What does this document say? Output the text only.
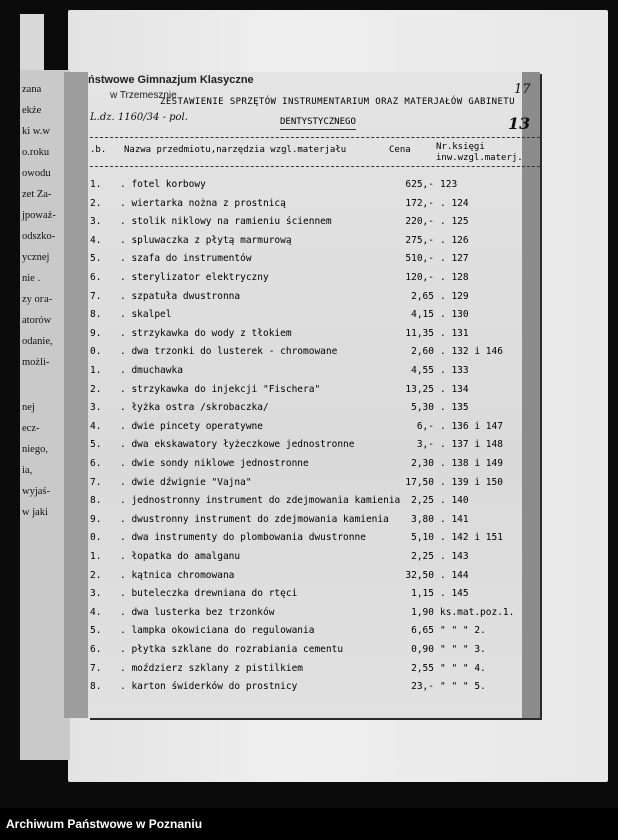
zana
ekże
ki w.w
o.roku
owodu
zet Za-
jpoważ-
odszko-
ycznej
nie .
zy ога-
atorów
odanie,
możli-
nej
ecz-
niego,
ia,
wyjaś-
w jaki
ństwowe Gimnazjum Klasyczne
w Trzemesznie
L.dz. 1160/34 - pol.
17
13
ZESTAWIENIE SPRZĘTÓW INSTRUMENTARIUM ORAZ MATERJAŁÓW GABINETU
DENTYSTYCZNEGO
.b. Nazwa przedmiotu,narzędzia wzgl.materjału	Cena	Nr.księgi
inw.wzgl.materj.
1. . fotel korbowy	625,- 123
2. . wiertarka nożna z prostnicą	172,- . 124
3. . stolik niklowy na ramieniu ściennem	220,- . 125
4. . spluwaczka z płytą marmurową	275,- . 126
5. . szafa do instrumentów	510,- . 127
6. . sterylizator elektryczny	120,- . 128
7. . szpatuła dwustronna	2,65 . 129
8. . skalpel	4,15 . 130
9. . strzykawka do wody z tłokiem	11,35 . 131
0. . dwa trzonki do lusterek - chromowane	2,60 . 132 i 146
1. . dmuchawka	4,55 . 133
2. . strzykawka do injekcji "Fischera"	13,25 . 134
3. . łyżka ostra /skrobaczka/	5,30 . 135
4. . dwie pincety operatywne	6,- . 136 i 147
5. . dwa ekskawatory łyżeczkowe jednostronne	3,- . 137 i 148
6. . dwie sondy niklowe jednostronne	2,30 . 138 i 149
7. . dwie dźwignie "Vajna"	17,50 . 139 i 150
8. . jednostronny instrument do zdejmowania kamienia	2,25 . 140
9. . dwustronny instrument do zdejmowania kamienia	3,80 . 141
0. . dwa instrumenty do plombowania dwustronne	5,10 . 142 i 151
1. . łopatka do amalganu	2,25 . 143
2. . kątnica chromowana	32,50 . 144
3. . buteleczka drewniana do rtęci	1,15 . 145
4. . dwa lusterka bez trzonków	1,90 ks.mat.poz.1.
5. . lampka okowiciana do regulowania	6,65 " " " 2.
6. . płytka szklane do rozrabiania cementu	0,90 " " " 3.
7. . moździerz szklany z pistilkiem	2,55 " " " 4.
8. . karton świderków do prostnicy	23,- " " " 5.
Archiwum Państwowe w Poznaniu
